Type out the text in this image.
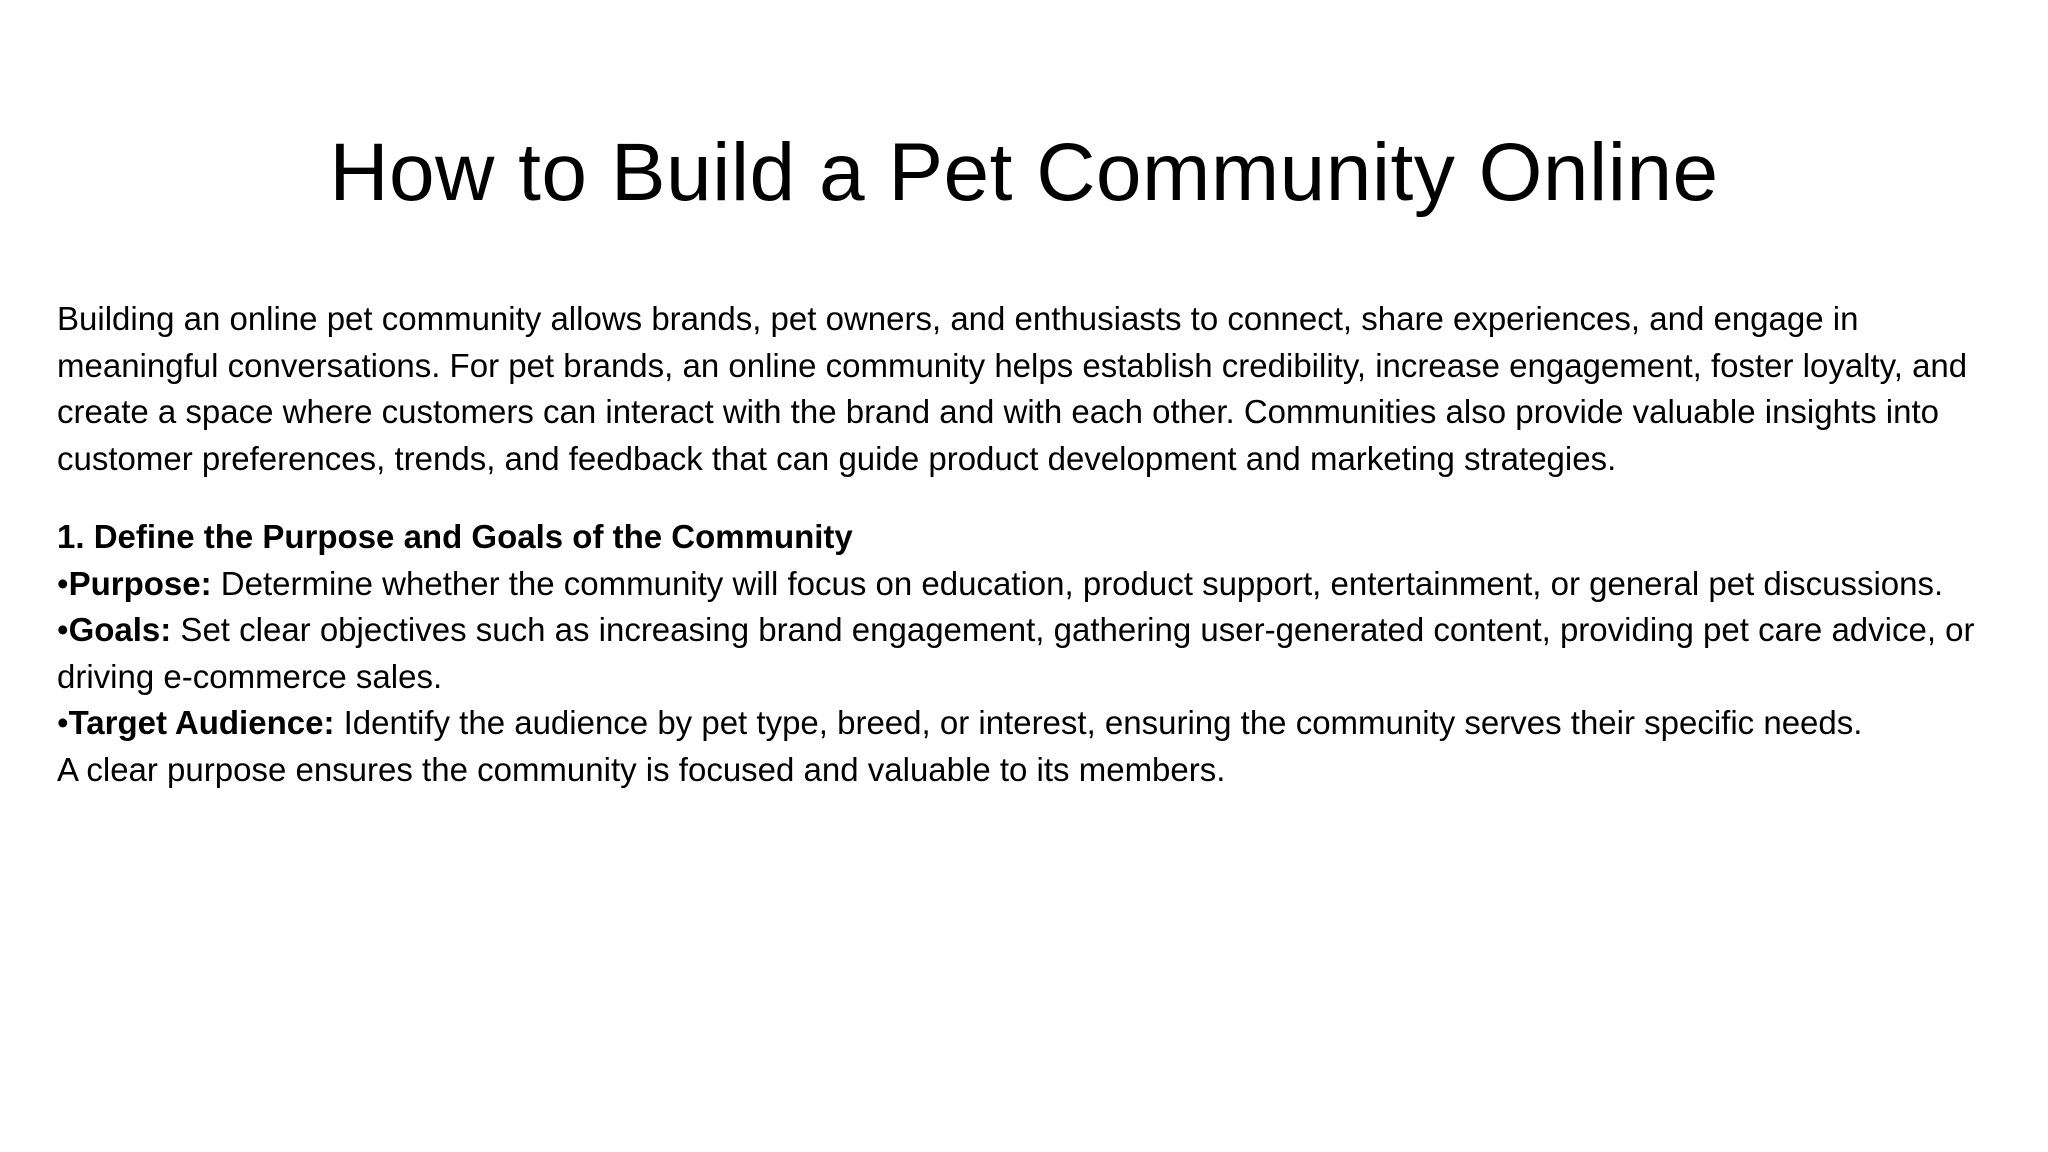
How to Build a Pet Community Online

Building an online pet community allows brands, pet owners, and enthusiasts to connect, share experiences, and engage in meaningful conversations. For pet brands, an online community helps establish credibility, increase engagement, foster loyalty, and create a space where customers can interact with the brand and with each other. Communities also provide valuable insights into customer preferences, trends, and feedback that can guide product development and marketing strategies.

1. Define the Purpose and Goals of the Community

•Purpose: Determine whether the community will focus on education, product support, entertainment, or general pet discussions.

•Goals: Set clear objectives such as increasing brand engagement, gathering user-generated content, providing pet care advice, or driving e-commerce sales.

•Target Audience: Identify the audience by pet type, breed, or interest, ensuring the community serves their specific needs.

A clear purpose ensures the community is focused and valuable to its members.
